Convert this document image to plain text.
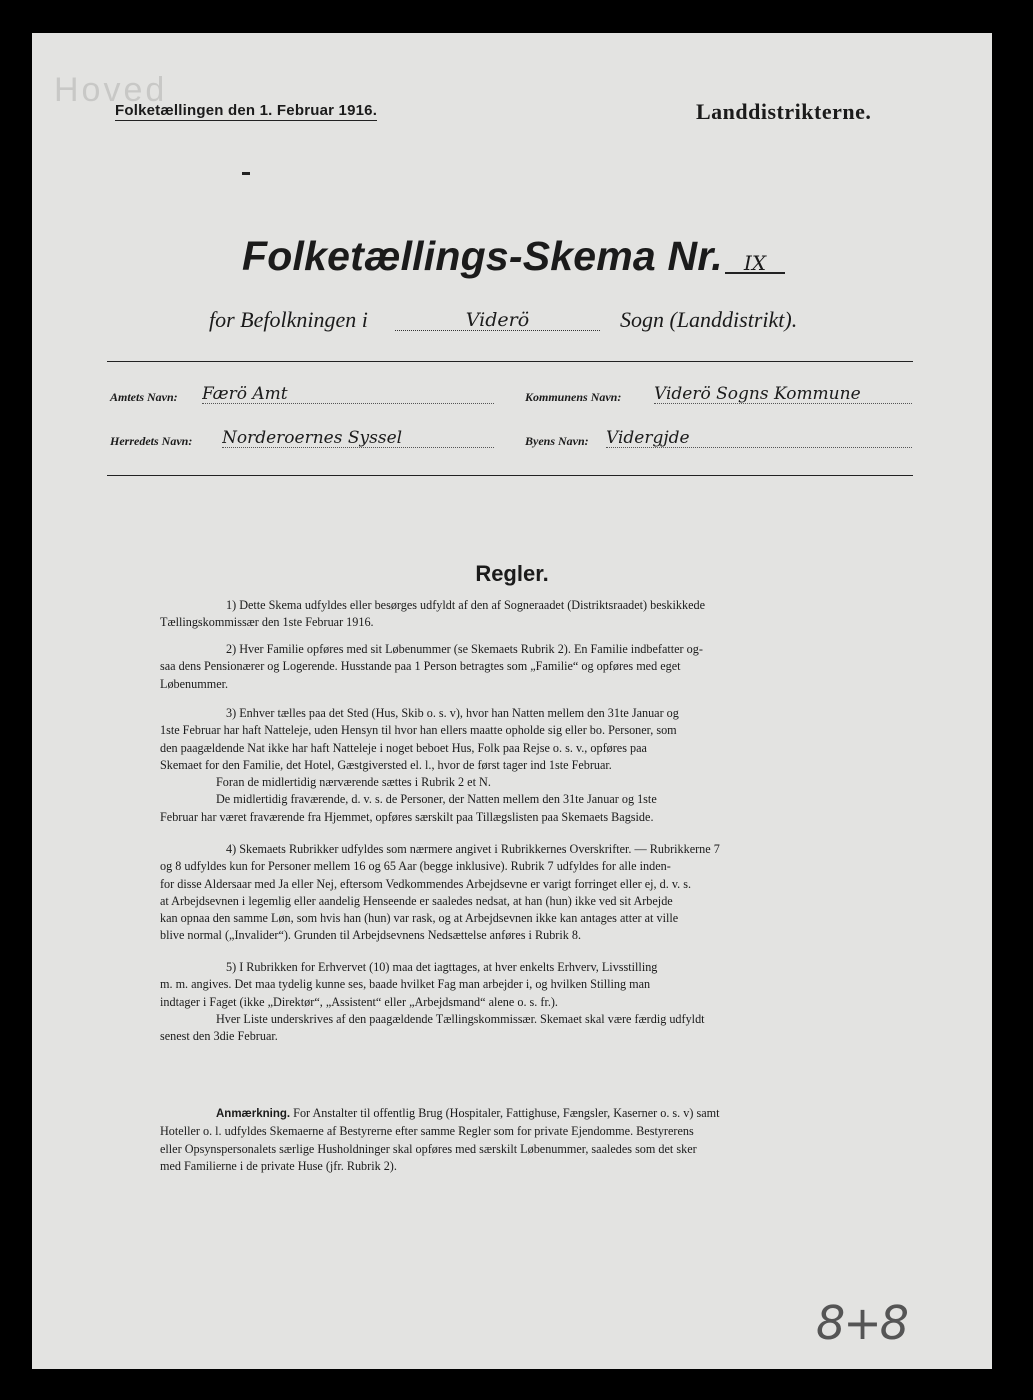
Hoved
Folketællingen den 1. Februar 1916.	Landdistrikterne.
Folketællings-Skema Nr.	IX
for Befolkningen i	Viderö	Sogn (Landdistrikt).
Amtets Navn: Færö Amt
Herredets Navn: Norderoernes Syssel
Kommunens Navn: Viderö Sogns Kommune
Byens Navn: Vidergjde
Regler.
1) Dette Skema udfyldes eller besørges udfyldt af den af Sogneraadet (Distriktsraadet) beskikkede
Tællingskommissær den 1ste Februar 1916.
2) Hver Familie opføres med sit Løbenummer (se Skemaets Rubrik 2). En Familie indbefatter og-
saa dens Pensionærer og Logerende. Husstande paa 1 Person betragtes som „Familie“ og opføres med eget
Løbenummer.
3) Enhver tælles paa det Sted (Hus, Skib o. s. v), hvor han Natten mellem den 31te Januar og
1ste Februar har haft Natteleje, uden Hensyn til hvor han ellers maatte opholde sig eller bo. Personer, som
den paagældende Nat ikke har haft Natteleje i noget beboet Hus, Folk paa Rejse o. s. v., opføres paa
Skemaet for den Familie, det Hotel, Gæstgiversted el. l., hvor de først tager ind 1ste Februar.
Foran de midlertidig nærværende sættes i Rubrik 2 et N.
De midlertidig fraværende, d. v. s. de Personer, der Natten mellem den 31te Januar og 1ste
Februar har været fraværende fra Hjemmet, opføres særskilt paa Tillægslisten paa Skemaets Bagside.
4) Skemaets Rubrikker udfyldes som nærmere angivet i Rubrikkernes Overskrifter. — Rubrikkerne 7
og 8 udfyldes kun for Personer mellem 16 og 65 Aar (begge inklusive). Rubrik 7 udfyldes for alle inden-
for disse Aldersaar med Ja eller Nej, eftersom Vedkommendes Arbejdsevne er varigt forringet eller ej, d. v. s.
at Arbejdsevnen i legemlig eller aandelig Henseende er saaledes nedsat, at han (hun) ikke ved sit Arbejde
kan opnaa den samme Løn, som hvis han (hun) var rask, og at Arbejdsevnen ikke kan antages atter at ville
blive normal („Invalider“). Grunden til Arbejdsevnens Nedsættelse anføres i Rubrik 8.
5) I Rubrikken for Erhvervet (10) maa det iagttages, at hver enkelts Erhverv, Livsstilling
m. m. angives. Det maa tydelig kunne ses, baade hvilket Fag man arbejder i, og hvilken Stilling man
indtager i Faget (ikke „Direktør“, „Assistent“ eller „Arbejdsmand“ alene o. s. fr.).
Hver Liste underskrives af den paagældende Tællingskommissær. Skemaet skal være færdig udfyldt
senest den 3die Februar.
Anmærkning. For Anstalter til offentlig Brug (Hospitaler, Fattighuse, Fængsler, Kaserner o. s. v) samt
Hoteller o. l. udfyldes Skemaerne af Bestyrerne efter samme Regler som for private Ejendomme. Bestyrerens
eller Opsynspersonalets særlige Husholdninger skal opføres med særskilt Løbenummer, saaledes som det sker
med Familierne i de private Huse (jfr. Rubrik 2).
8+8
